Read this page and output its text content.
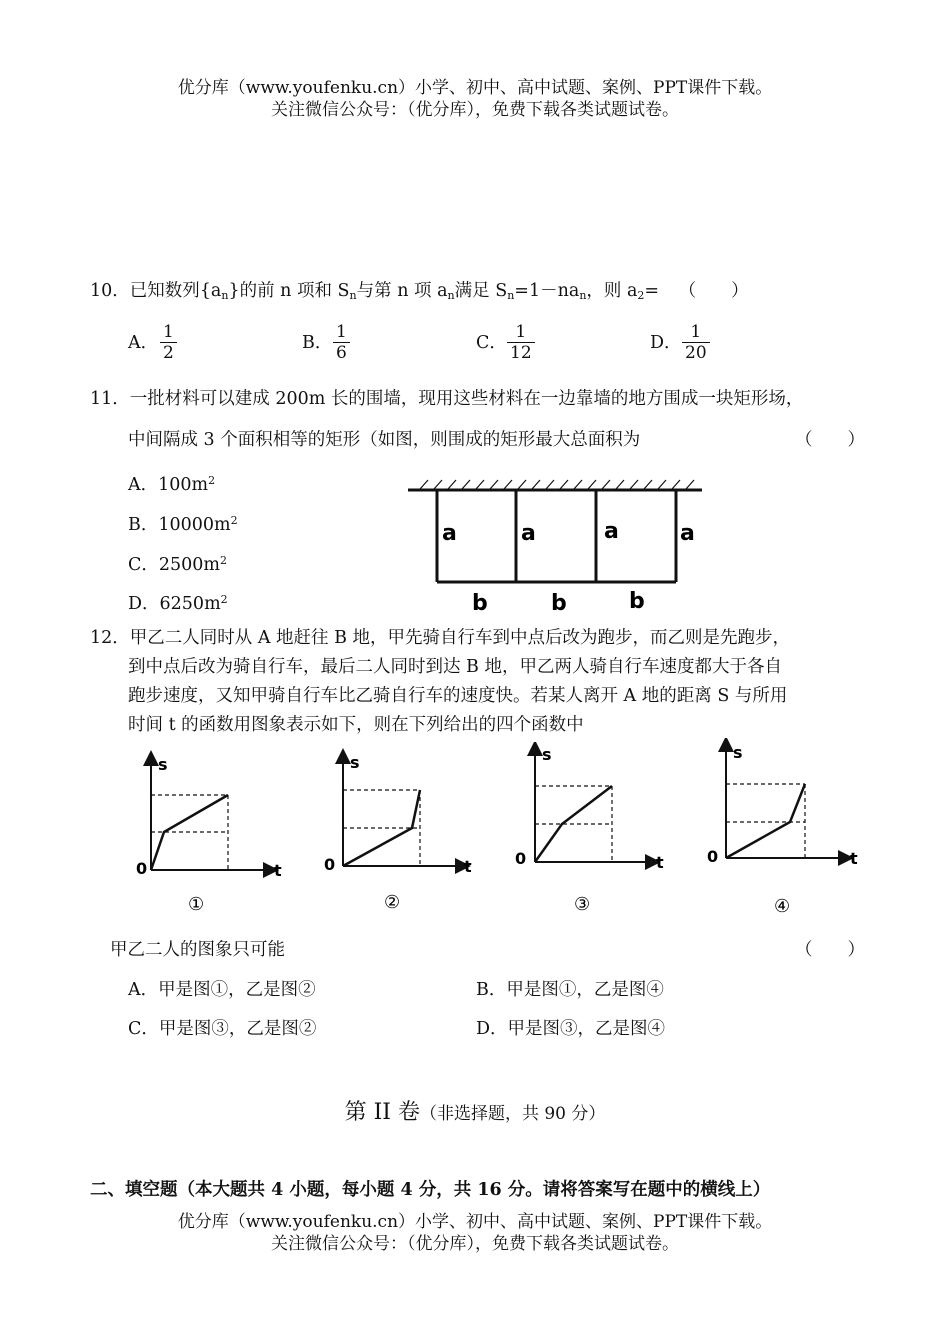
优分库（www.youfenku.cn）小学、初中、高中试题、案例、PPT课件下载。
关注微信公众号：（优分库），免费下载各类试题试卷。
10．已知数列$\{a_n\}$的前 n 项和 $S_n$与第 n 项 $a_n$满足 $S_n=1-na_n$，则 $a_2=$ （　　）
A． $\frac{1}{2}$	B． $\frac{1}{6}$	C． $\frac{1}{12}$	D． $\frac{1}{20}$
11．一批材料可以建成 200m 长的围墙，现用这些材料在一边靠墙的地方围成一块矩形场，
中间隔成 3 个面积相等的矩形（如图，则围成的矩形最大总面积为	（　　）
A．$100m^2$
B．$10000m^2$
C．$2500m^2$
D．$6250m^2$
a	a	a	a
b	b	b
12．甲乙二人同时从 A 地赶往 B 地，甲先骑自行车到中点后改为跑步，而乙则是先跑步，
到中点后改为骑自行车，最后二人同时到达 B 地，甲乙两人骑自行车速度都大于各自
跑步速度，又知甲骑自行车比乙骑自行车的速度快。若某人离开 A 地的距离 S 与所用
时间 t 的函数用图象表示如下，则在下列给出的四个函数中
s
t
0
①
s
t
0
②
s
t
0
③
s
t
0
④
甲乙二人的图象只可能	（　　）
A．甲是图①，乙是图②	B．甲是图①，乙是图④
C．甲是图③，乙是图②	D．甲是图③，乙是图④
第 II 卷（非选择题，共 90 分）
二、填空题（本大题共 4 小题，每小题 4 分，共 16 分。请将答案写在题中的横线上）
优分库（www.youfenku.cn）小学、初中、高中试题、案例、PPT课件下载。
关注微信公众号：（优分库），免费下载各类试题试卷。
